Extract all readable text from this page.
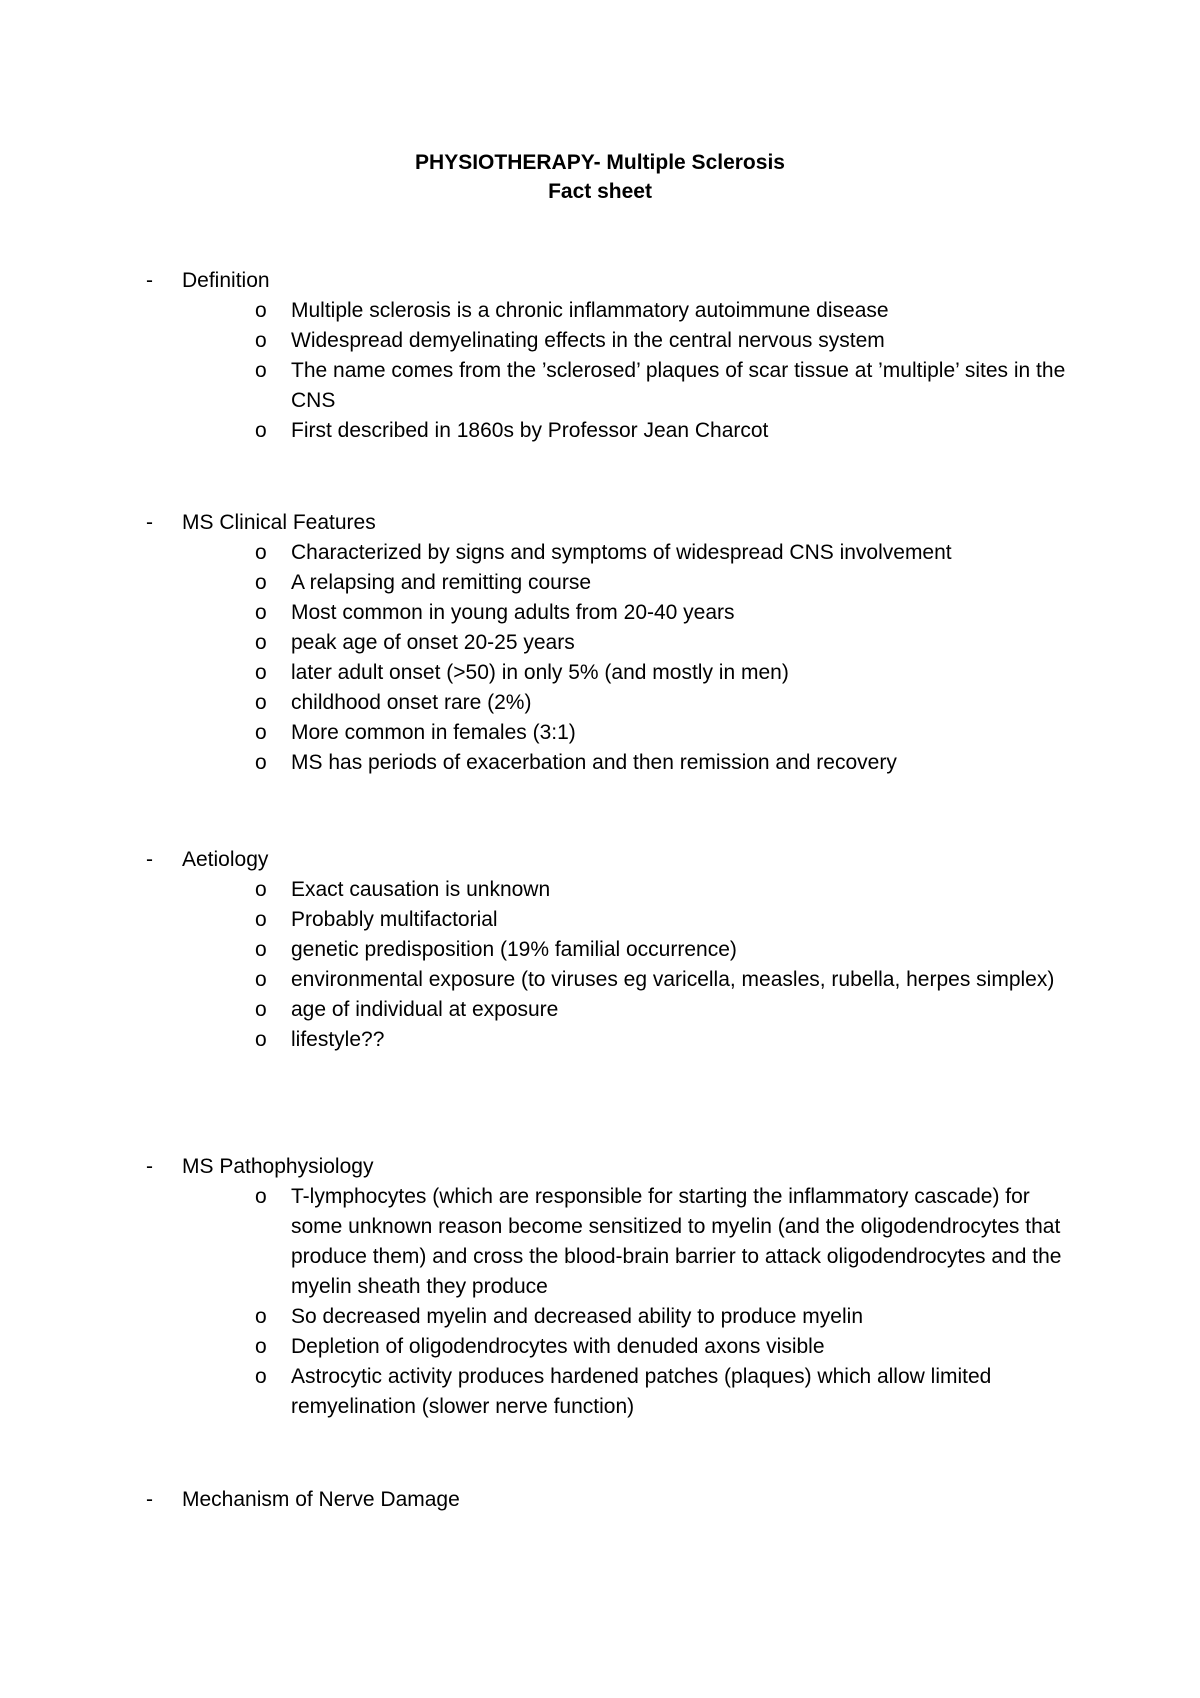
PHYSIOTHERAPY- Multiple Sclerosis
Fact sheet
- Definition
o Multiple sclerosis is a chronic inflammatory autoimmune disease
o Widespread demyelinating effects in the central nervous system
o The name comes from the ’sclerosed’ plaques of scar tissue at ’multiple’ sites in the CNS
o First described in 1860s by Professor Jean Charcot
- MS Clinical Features
o Characterized by signs and symptoms of widespread CNS involvement
o A relapsing and remitting course
o Most common in young adults from 20-40 years
o peak age of onset 20-25 years
o later adult onset (>50) in only 5% (and mostly in men)
o childhood onset rare (2%)
o More common in females (3:1)
o MS has periods of exacerbation and then remission and recovery
- Aetiology
o Exact causation is unknown
o Probably multifactorial
o genetic predisposition (19% familial occurrence)
o environmental exposure (to viruses eg varicella, measles, rubella, herpes simplex)
o age of individual at exposure
o lifestyle??
- MS Pathophysiology
o T-lymphocytes (which are responsible for starting the inflammatory cascade) for some unknown reason become sensitized to myelin (and the oligodendrocytes that produce them) and cross the blood-brain barrier to attack oligodendrocytes and the myelin sheath they produce
o So decreased myelin and decreased ability to produce myelin
o Depletion of oligodendrocytes with denuded axons visible
o Astrocytic activity produces hardened patches (plaques) which allow limited remyelination (slower nerve function)
- Mechanism of Nerve Damage
